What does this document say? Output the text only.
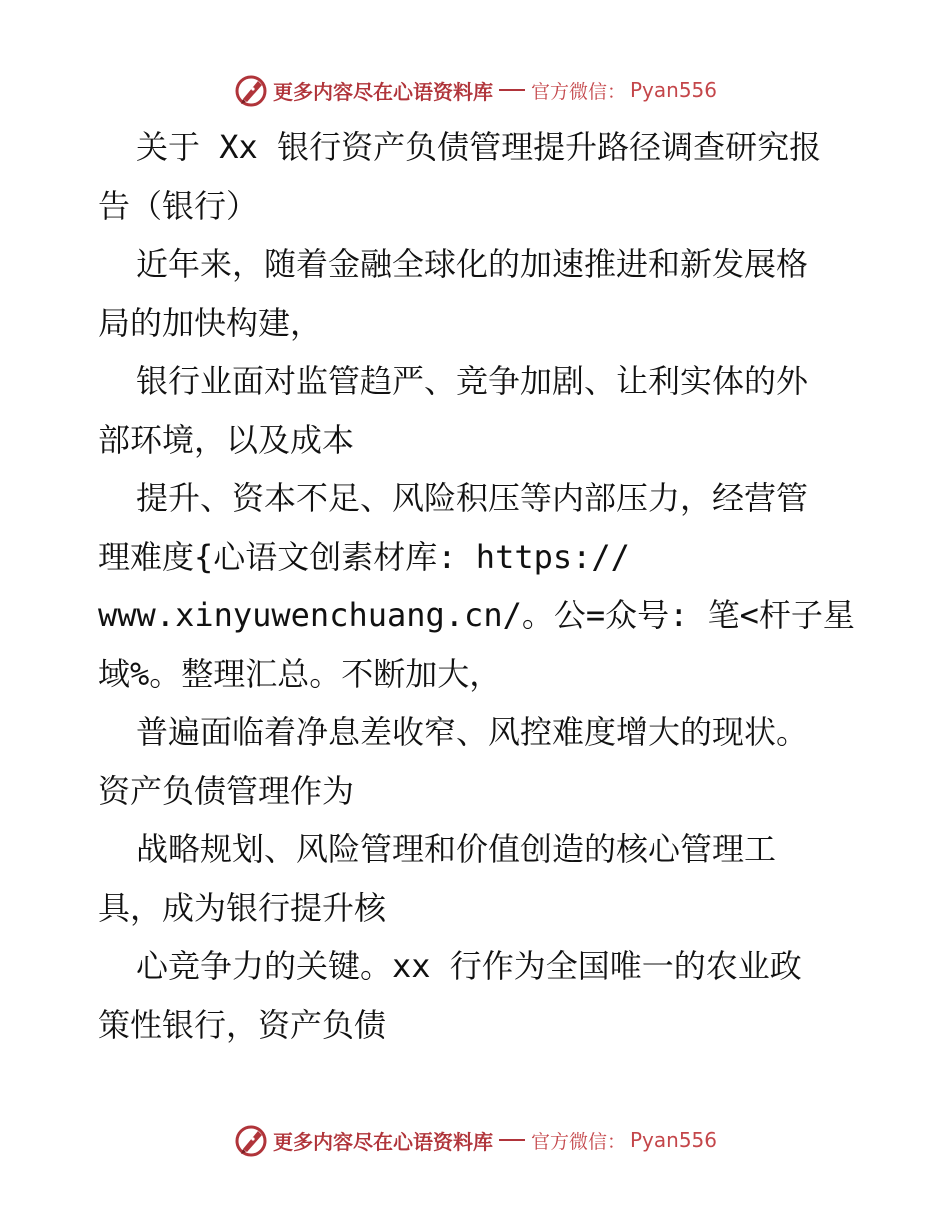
更多内容尽在心语资料库 官方微信： Pyan556
关于 Xx 银行资产负债管理提升路径调查研究报
告（银行）
近年来，随着金融全球化的加速推进和新发展格
局的加快构建，
银行业面对监管趋严、竞争加剧、让利实体的外
部环境，以及成本
提升、资本不足、风险积压等内部压力，经营管
理难度{心语文创素材库: https://
www.xinyuwenchuang.cn/。公=众号: 笔<杆子星
域%。整理汇总。不断加大，
普遍面临着净息差收窄、风控难度增大的现状。
资产负债管理作为
战略规划、风险管理和价值创造的核心管理工
具，成为银行提升核
心竞争力的关键。xx 行作为全国唯一的农业政
策性银行，资产负债
更多内容尽在心语资料库 官方微信： Pyan556
